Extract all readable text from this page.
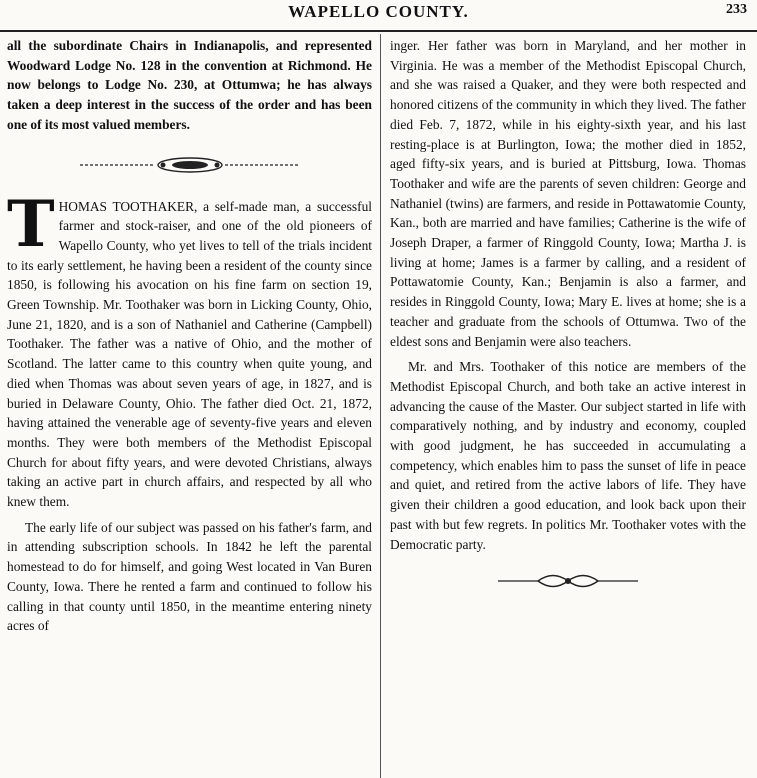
WAPELLO COUNTY.	233

all the subordinate Chairs in Indianapolis, and represented Woodward Lodge No. 128 in the convention at Richmond. He now belongs to Lodge No. 230, at Ottumwa; he has always taken a deep interest in the success of the order and has been one of its most valued members.

THOMAS TOOTHAKER, a self-made man, a successful farmer and stock-raiser, and one of the old pioneers of Wapello County, who yet lives to tell of the trials incident to its early settlement, he having been a resident of the county since 1850, is following his avocation on his fine farm on section 19, Green Township. Mr. Toothaker was born in Licking County, Ohio, June 21, 1820, and is a son of Nathaniel and Catherine (Campbell) Toothaker. The father was a native of Ohio, and the mother of Scotland. The latter came to this country when quite young, and died when Thomas was about seven years of age, in 1827, and is buried in Delaware County, Ohio. The father died Oct. 21, 1872, having attained the venerable age of seventy-five years and eleven months. They were both members of the Methodist Episcopal Church for about fifty years, and were devoted Christians, always taking an active part in church affairs, and respected by all who knew them.

The early life of our subject was passed on his father's farm, and in attending subscription schools. In 1842 he left the parental homestead to do for himself, and going West located in Van Buren County, Iowa. There he rented a farm and continued to follow his calling in that county until 1850, in the meantime entering ninety acres of

inger. Her father was born in Maryland, and her mother in Virginia. He was a member of the Methodist Episcopal Church, and she was raised a Quaker, and they were both respected and honored citizens of the community in which they lived. The father died Feb. 7, 1872, while in his eighty-sixth year, and his last resting-place is at Burlington, Iowa; the mother died in 1852, aged fifty-six years, and is buried at Pittsburg, Iowa. Thomas Toothaker and wife are the parents of seven children: George and Nathaniel (twins) are farmers, and reside in Pottawatomie County, Kan., both are married and have families; Catherine is the wife of Joseph Draper, a farmer of Ringgold County, Iowa; Martha J. is living at home; James is a farmer by calling, and a resident of Pottawatomie County, Kan.; Benjamin is also a farmer, and resides in Ringgold County, Iowa; Mary E. lives at home; she is a teacher and graduate from the schools of Ottumwa. Two of the eldest sons and Benjamin were also teachers.

Mr. and Mrs. Toothaker of this notice are members of the Methodist Episcopal Church, and both take an active interest in advancing the cause of the Master. Our subject started in life with comparatively nothing, and by industry and economy, coupled with good judgment, he has succeeded in accumulating a competency, which enables him to pass the sunset of life in peace and quiet, and retired from the active labors of life. They have given their children a good education, and look back upon their past with but few regrets. In politics Mr. Toothaker votes with the Democratic party.
